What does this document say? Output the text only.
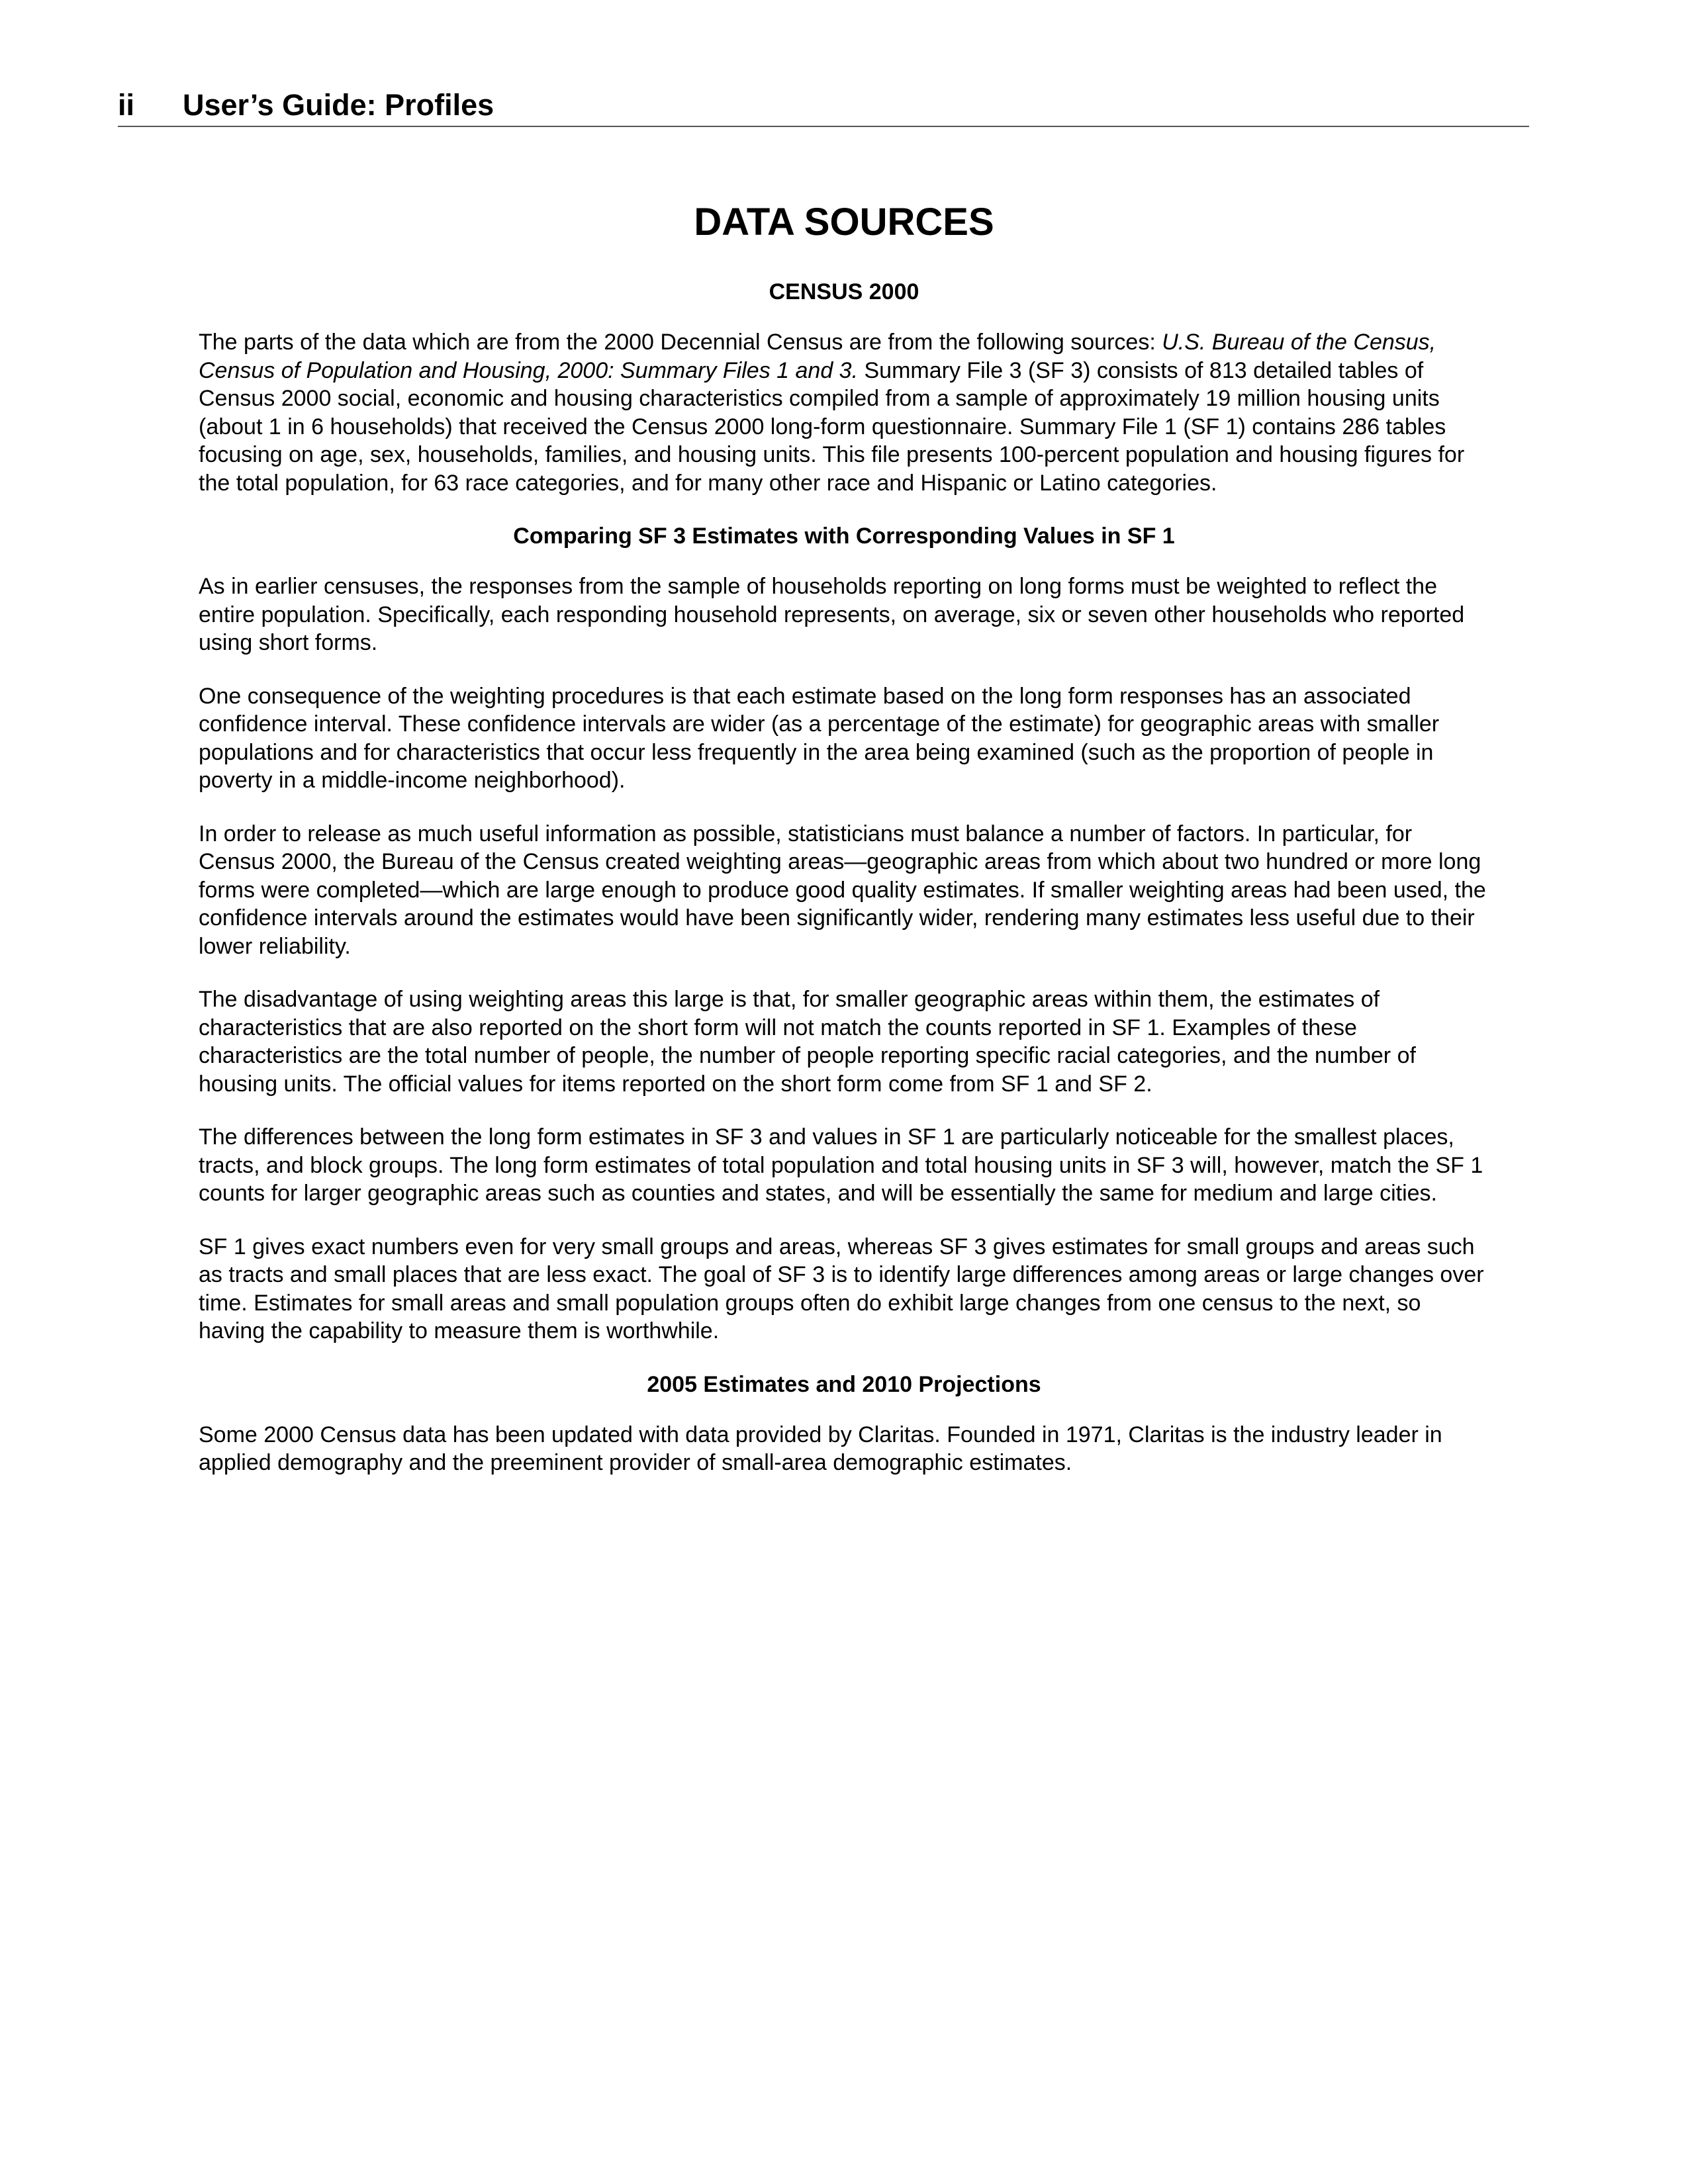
ii User’s Guide: Profiles
DATA SOURCES
CENSUS 2000

The parts of the data which are from the 2000 Decennial Census are from the following sources: U.S. Bureau of the Census, Census of Population and Housing, 2000: Summary Files 1 and 3. Summary File 3 (SF 3) consists of 813 detailed tables of Census 2000 social, economic and housing characteristics compiled from a sample of approximately 19 million housing units (about 1 in 6 households) that received the Census 2000 long-form questionnaire. Summary File 1 (SF 1) contains 286 tables focusing on age, sex, households, families, and housing units. This file presents 100-percent population and housing figures for the total population, for 63 race categories, and for many other race and Hispanic or Latino categories.

Comparing SF 3 Estimates with Corresponding Values in SF 1

As in earlier censuses, the responses from the sample of households reporting on long forms must be weighted to reflect the entire population. Specifically, each responding household represents, on average, six or seven other households who reported using short forms.

One consequence of the weighting procedures is that each estimate based on the long form responses has an associated confidence interval. These confidence intervals are wider (as a percentage of the estimate) for geographic areas with smaller populations and for characteristics that occur less frequently in the area being examined (such as the proportion of people in poverty in a middle-income neighborhood).

In order to release as much useful information as possible, statisticians must balance a number of factors. In particular, for Census 2000, the Bureau of the Census created weighting areas—geographic areas from which about two hundred or more long forms were completed—which are large enough to produce good quality estimates. If smaller weighting areas had been used, the confidence intervals around the estimates would have been significantly wider, rendering many estimates less useful due to their lower reliability.

The disadvantage of using weighting areas this large is that, for smaller geographic areas within them, the estimates of characteristics that are also reported on the short form will not match the counts reported in SF 1. Examples of these characteristics are the total number of people, the number of people reporting specific racial categories, and the number of housing units. The official values for items reported on the short form come from SF 1 and SF 2.

The differences between the long form estimates in SF 3 and values in SF 1 are particularly noticeable for the smallest places, tracts, and block groups. The long form estimates of total population and total housing units in SF 3 will, however, match the SF 1 counts for larger geographic areas such as counties and states, and will be essentially the same for medium and large cities.

SF 1 gives exact numbers even for very small groups and areas, whereas SF 3 gives estimates for small groups and areas such as tracts and small places that are less exact. The goal of SF 3 is to identify large differences among areas or large changes over time. Estimates for small areas and small population groups often do exhibit large changes from one census to the next, so having the capability to measure them is worthwhile.

2005 Estimates and 2010 Projections

Some 2000 Census data has been updated with data provided by Claritas. Founded in 1971, Claritas is the industry leader in applied demography and the preeminent provider of small-area demographic estimates.
